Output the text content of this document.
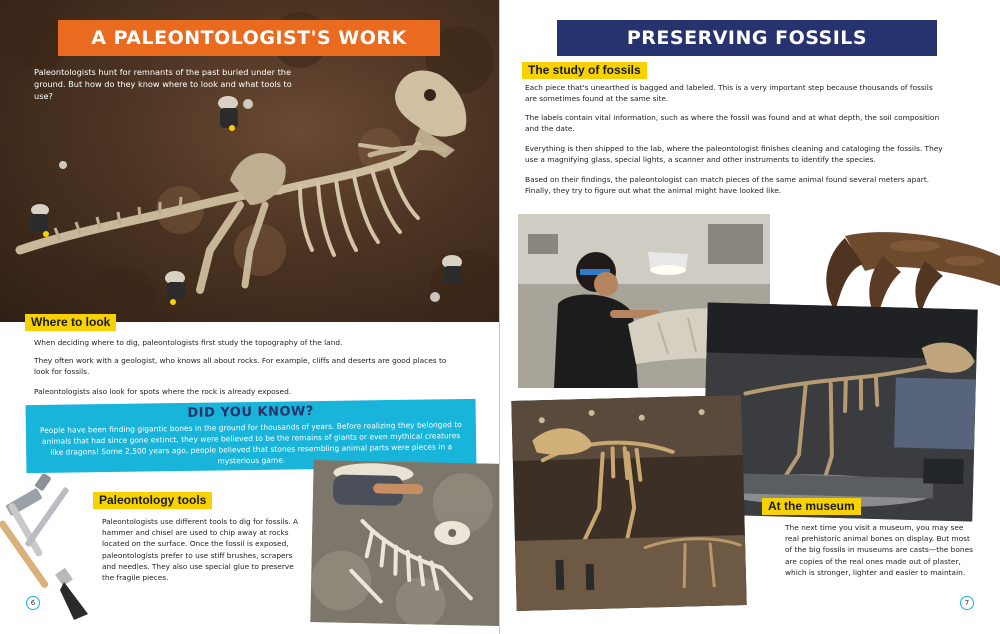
A PALEONTOLOGIST'S WORK

Paleontologists hunt for remnants of the past buried under the ground. But how do they know where to look and what tools to use?

Where to look

When deciding where to dig, paleontologists first study the topography of the land.

They often work with a geologist, who knows all about rocks. For example, cliffs and deserts are good places to look for fossils.

Paleontologists also look for spots where the rock is already exposed.

DID YOU KNOW?

People have been finding gigantic bones in the ground for thousands of years. Before realizing they belonged to animals that had since gone extinct, they were believed to be the remains of giants or even mythical creatures like dragons! Some 2,500 years ago, people believed that stones resembling animal parts were pieces in a mysterious game.

Paleontology tools

Paleontologists use different tools to dig for fossils. A hammer and chisel are used to chip away at rocks located on the surface. Once the fossil is exposed, paleontologists prefer to use stiff brushes, scrapers and needles. They also use special glue to preserve the fragile pieces.

6
PRESERVING FOSSILS
The study of fossils

Each piece that's unearthed is bagged and labeled. This is a very important step because thousands of fossils are sometimes found at the same site.

The labels contain vital information, such as where the fossil was found and at what depth, the soil composition and the date.

Everything is then shipped to the lab, where the paleontologist finishes cleaning and cataloging the fossils. They use a magnifying glass, special lights, a scanner and other instruments to identify the species.

Based on their findings, the paleontologist can match pieces of the same animal found several meters apart. Finally, they try to figure out what the animal might have looked like.

At the museum

The next time you visit a museum, you may see real prehistoric animal bones on display. But most of the big fossils in museums are casts—the bones are copies of the real ones made out of plaster, which is stronger, lighter and easier to maintain.

7
